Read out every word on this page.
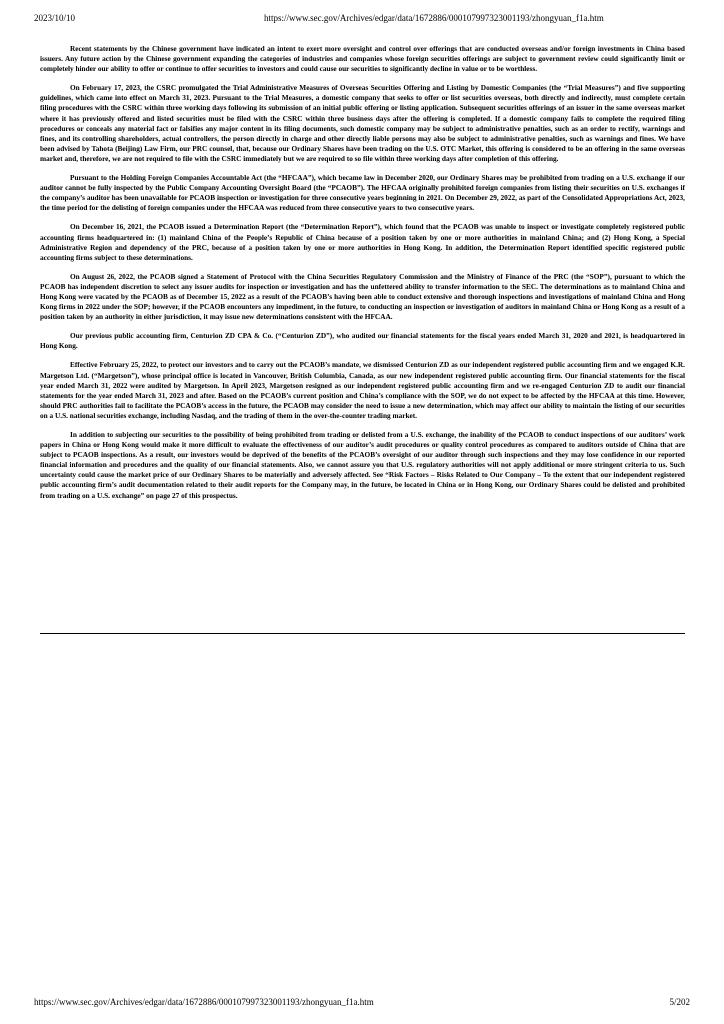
2023/10/10	https://www.sec.gov/Archives/edgar/data/1672886/000107997323001193/zhongyuan_f1a.htm

Recent statements by the Chinese government have indicated an intent to exert more oversight and control over offerings that are conducted overseas and/or foreign investments in China based issuers. Any future action by the Chinese government expanding the categories of industries and companies whose foreign securities offerings are subject to government review could significantly limit or completely hinder our ability to offer or continue to offer securities to investors and could cause our securities to significantly decline in value or to be worthless.

On February 17, 2023, the CSRC promulgated the Trial Administrative Measures of Overseas Securities Offering and Listing by Domestic Companies (the “Trial Measures”) and five supporting guidelines, which came into effect on March 31, 2023. Pursuant to the Trial Measures, a domestic company that seeks to offer or list securities overseas, both directly and indirectly, must complete certain filing procedures with the CSRC within three working days following its submission of an initial public offering or listing application. Subsequent securities offerings of an issuer in the same overseas market where it has previously offered and listed securities must be filed with the CSRC within three business days after the offering is completed. If a domestic company fails to complete the required filing procedures or conceals any material fact or falsifies any major content in its filing documents, such domestic company may be subject to administrative penalties, such as an order to rectify, warnings and fines, and its controlling shareholders, actual controllers, the person directly in charge and other directly liable persons may also be subject to administrative penalties, such as warnings and fines. We have been advised by Tahota (Beijing) Law Firm, our PRC counsel, that, because our Ordinary Shares have been trading on the U.S. OTC Market, this offering is considered to be an offering in the same overseas market and, therefore, we are not required to file with the CSRC immediately but we are required to so file within three working days after completion of this offering.

Pursuant to the Holding Foreign Companies Accountable Act (the “HFCAA”), which became law in December 2020, our Ordinary Shares may be prohibited from trading on a U.S. exchange if our auditor cannot be fully inspected by the Public Company Accounting Oversight Board (the “PCAOB”). The HFCAA originally prohibited foreign companies from listing their securities on U.S. exchanges if the company’s auditor has been unavailable for PCAOB inspection or investigation for three consecutive years beginning in 2021. On December 29, 2022, as part of the Consolidated Appropriations Act, 2023, the time period for the delisting of foreign companies under the HFCAA was reduced from three consecutive years to two consecutive years.

On December 16, 2021, the PCAOB issued a Determination Report (the “Determination Report”), which found that the PCAOB was unable to inspect or investigate completely registered public accounting firms headquartered in: (1) mainland China of the People’s Republic of China because of a position taken by one or more authorities in mainland China; and (2) Hong Kong, a Special Administrative Region and dependency of the PRC, because of a position taken by one or more authorities in Hong Kong. In addition, the Determination Report identified specific registered public accounting firms subject to these determinations.

On August 26, 2022, the PCAOB signed a Statement of Protocol with the China Securities Regulatory Commission and the Ministry of Finance of the PRC (the “SOP”), pursuant to which the PCAOB has independent discretion to select any issuer audits for inspection or investigation and has the unfettered ability to transfer information to the SEC. The determinations as to mainland China and Hong Kong were vacated by the PCAOB as of December 15, 2022 as a result of the PCAOB’s having been able to conduct extensive and thorough inspections and investigations of mainland China and Hong Kong firms in 2022 under the SOP; however, if the PCAOB encounters any impediment, in the future, to conducting an inspection or investigation of auditors in mainland China or Hong Kong as a result of a position taken by an authority in either jurisdiction, it may issue new determinations consistent with the HFCAA.

Our previous public accounting firm, Centurion ZD CPA & Co. (“Centurion ZD”), who audited our financial statements for the fiscal years ended March 31, 2020 and 2021, is headquartered in Hong Kong.

Effective February 25, 2022, to protect our investors and to carry out the PCAOB’s mandate, we dismissed Centurion ZD as our independent registered public accounting firm and we engaged K.R. Margetson Ltd. (“Margetson”), whose principal office is located in Vancouver, British Columbia, Canada, as our new independent registered public accounting firm. Our financial statements for the fiscal year ended March 31, 2022 were audited by Margetson. In April 2023, Margetson resigned as our independent registered public accounting firm and we re-engaged Centurion ZD to audit our financial statements for the year ended March 31, 2023 and after. Based on the PCAOB’s current position and China’s compliance with the SOP, we do not expect to be affected by the HFCAA at this time. However, should PRC authorities fail to facilitate the PCAOB’s access in the future, the PCAOB may consider the need to issue a new determination, which may affect our ability to maintain the listing of our securities on a U.S. national securities exchange, including Nasdaq, and the trading of them in the over-the-counter trading market.

In addition to subjecting our securities to the possibility of being prohibited from trading or delisted from a U.S. exchange, the inability of the PCAOB to conduct inspections of our auditors’ work papers in China or Hong Kong would make it more difficult to evaluate the effectiveness of our auditor’s audit procedures or quality control procedures as compared to auditors outside of China that are subject to PCAOB inspections. As a result, our investors would be deprived of the benefits of the PCAOB’s oversight of our auditor through such inspections and they may lose confidence in our reported financial information and procedures and the quality of our financial statements. Also, we cannot assure you that U.S. regulatory authorities will not apply additional or more stringent criteria to us. Such uncertainty could cause the market price of our Ordinary Shares to be materially and adversely affected. See “Risk Factors – Risks Related to Our Company – To the extent that our independent registered public accounting firm’s audit documentation related to their audit reports for the Company may, in the future, be located in China or in Hong Kong, our Ordinary Shares could be delisted and prohibited from trading on a U.S. exchange” on page 27 of this prospectus.

https://www.sec.gov/Archives/edgar/data/1672886/000107997323001193/zhongyuan_f1a.htm	5/202
